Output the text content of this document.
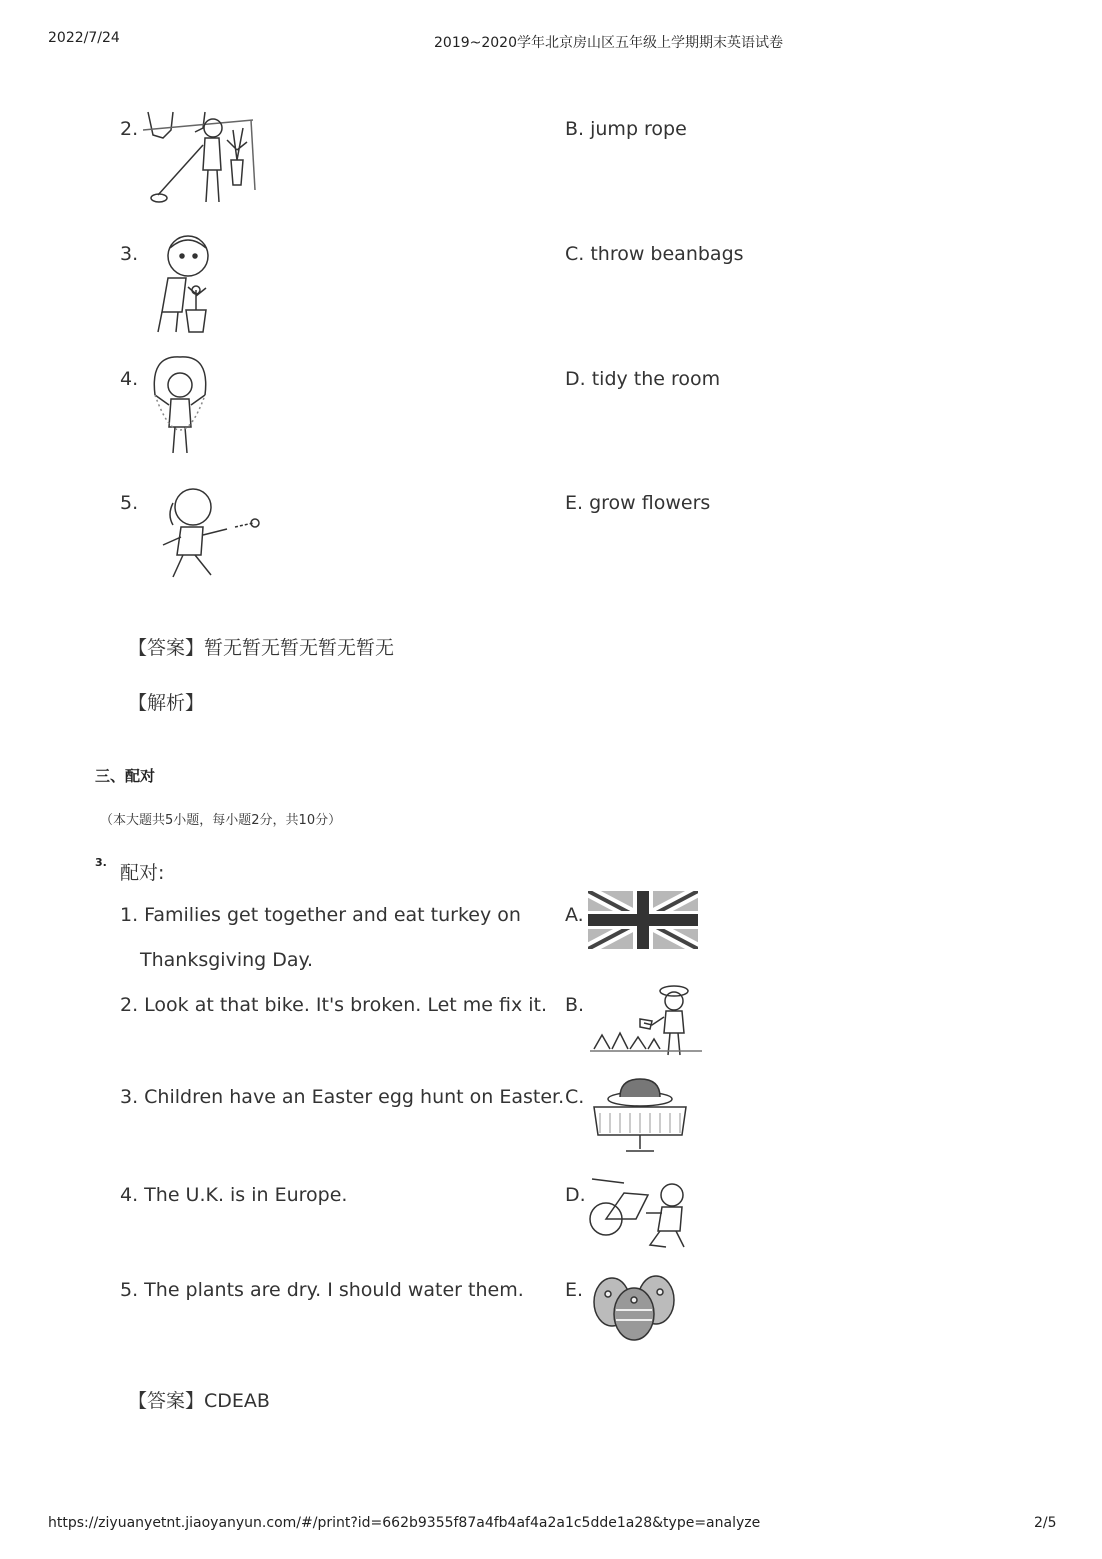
2022/7/24	2019~2020学年北京房山区五年级上学期期末英语试卷
2.	B. jump rope
3.	C. throw beanbags
4.	D. tidy the room
5.	E. grow flowers
【答案】暂无暂无暂无暂无暂无
【解析】
三、配对
（本大题共5小题，每小题2分，共10分）
3. 配对:
1. Families get together and eat turkey on
Thanksgiving Day.
A.
2. Look at that bike. It's broken. Let me fix it. B.
3. Children have an Easter egg hunt on Easter. C.
4. The U.K. is in Europe.	D.
5. The plants are dry. I should water them. E.
【答案】CDEAB
https://ziyuanyetnt.jiaoyanyun.com/#/print?id=662b9355f87a4fb4af4a2a1c5dde1a28&type=analyze	2/5
